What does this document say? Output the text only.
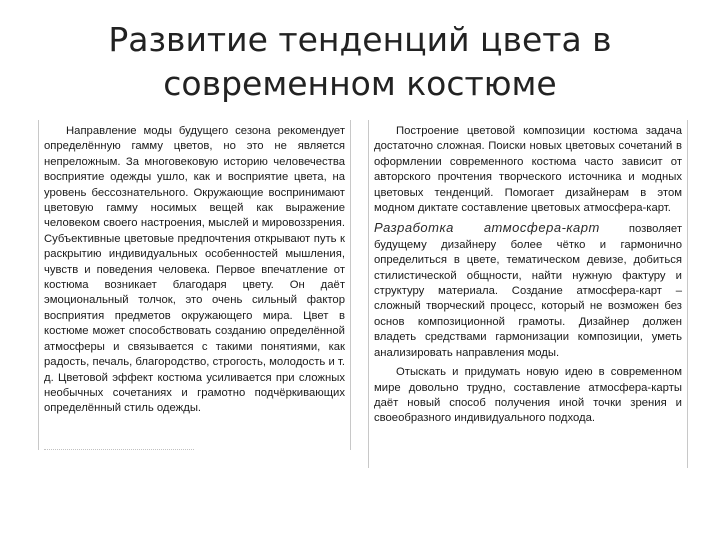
Развитие тенденций цвета в современном костюме

Направление моды будущего сезона рекомендует определённую гамму цветов, но это не является непреложным. За многовековую историю человечества восприятие одежды ушло, как и восприятие цвета, на уровень бессознательного. Окружающие воспринимают цветовую гамму носимых вещей как выражение человеком своего настроения, мыслей и мировоззрения. Субъективные цветовые предпочтения открывают путь к раскрытию индивидуальных особенностей мышления, чувств и поведения человека. Первое впечатление от костюма возникает благодаря цвету. Он даёт эмоциональный толчок, это очень сильный фактор восприятия предметов окружающего мира. Цвет в костюме может способствовать созданию определённой атмосферы и связывается с такими понятиями, как радость, печаль, благородство, строгость, молодость и т. д. Цветовой эффект костюма усиливается при сложных необычных сочетаниях и грамотно подчёркивающих определённый стиль одежды.

Построение цветовой композиции костюма задача достаточно сложная. Поиски новых цветовых сочетаний в оформлении современного костюма часто зависит от авторского прочтения творческого источника и модных цветовых тенденций. Помогает дизайнерам в этом модном диктате составление цветовых атмосфера-карт.

Разработка атмосфера-карт позволяет будущему дизайнеру более чётко и гармонично определиться в цвете, тематическом девизе, добиться стилистической общности, найти нужную фактуру и структуру материала. Создание атмосфера-карт – сложный творческий процесс, который не возможен без основ композиционной грамоты. Дизайнер должен владеть средствами гармонизации композиции, уметь анализировать направления моды.

Отыскать и придумать новую идею в современном мире довольно трудно, составление атмосфера-карты даёт новый способ получения иной точки зрения и своеобразного индивидуального подхода.
